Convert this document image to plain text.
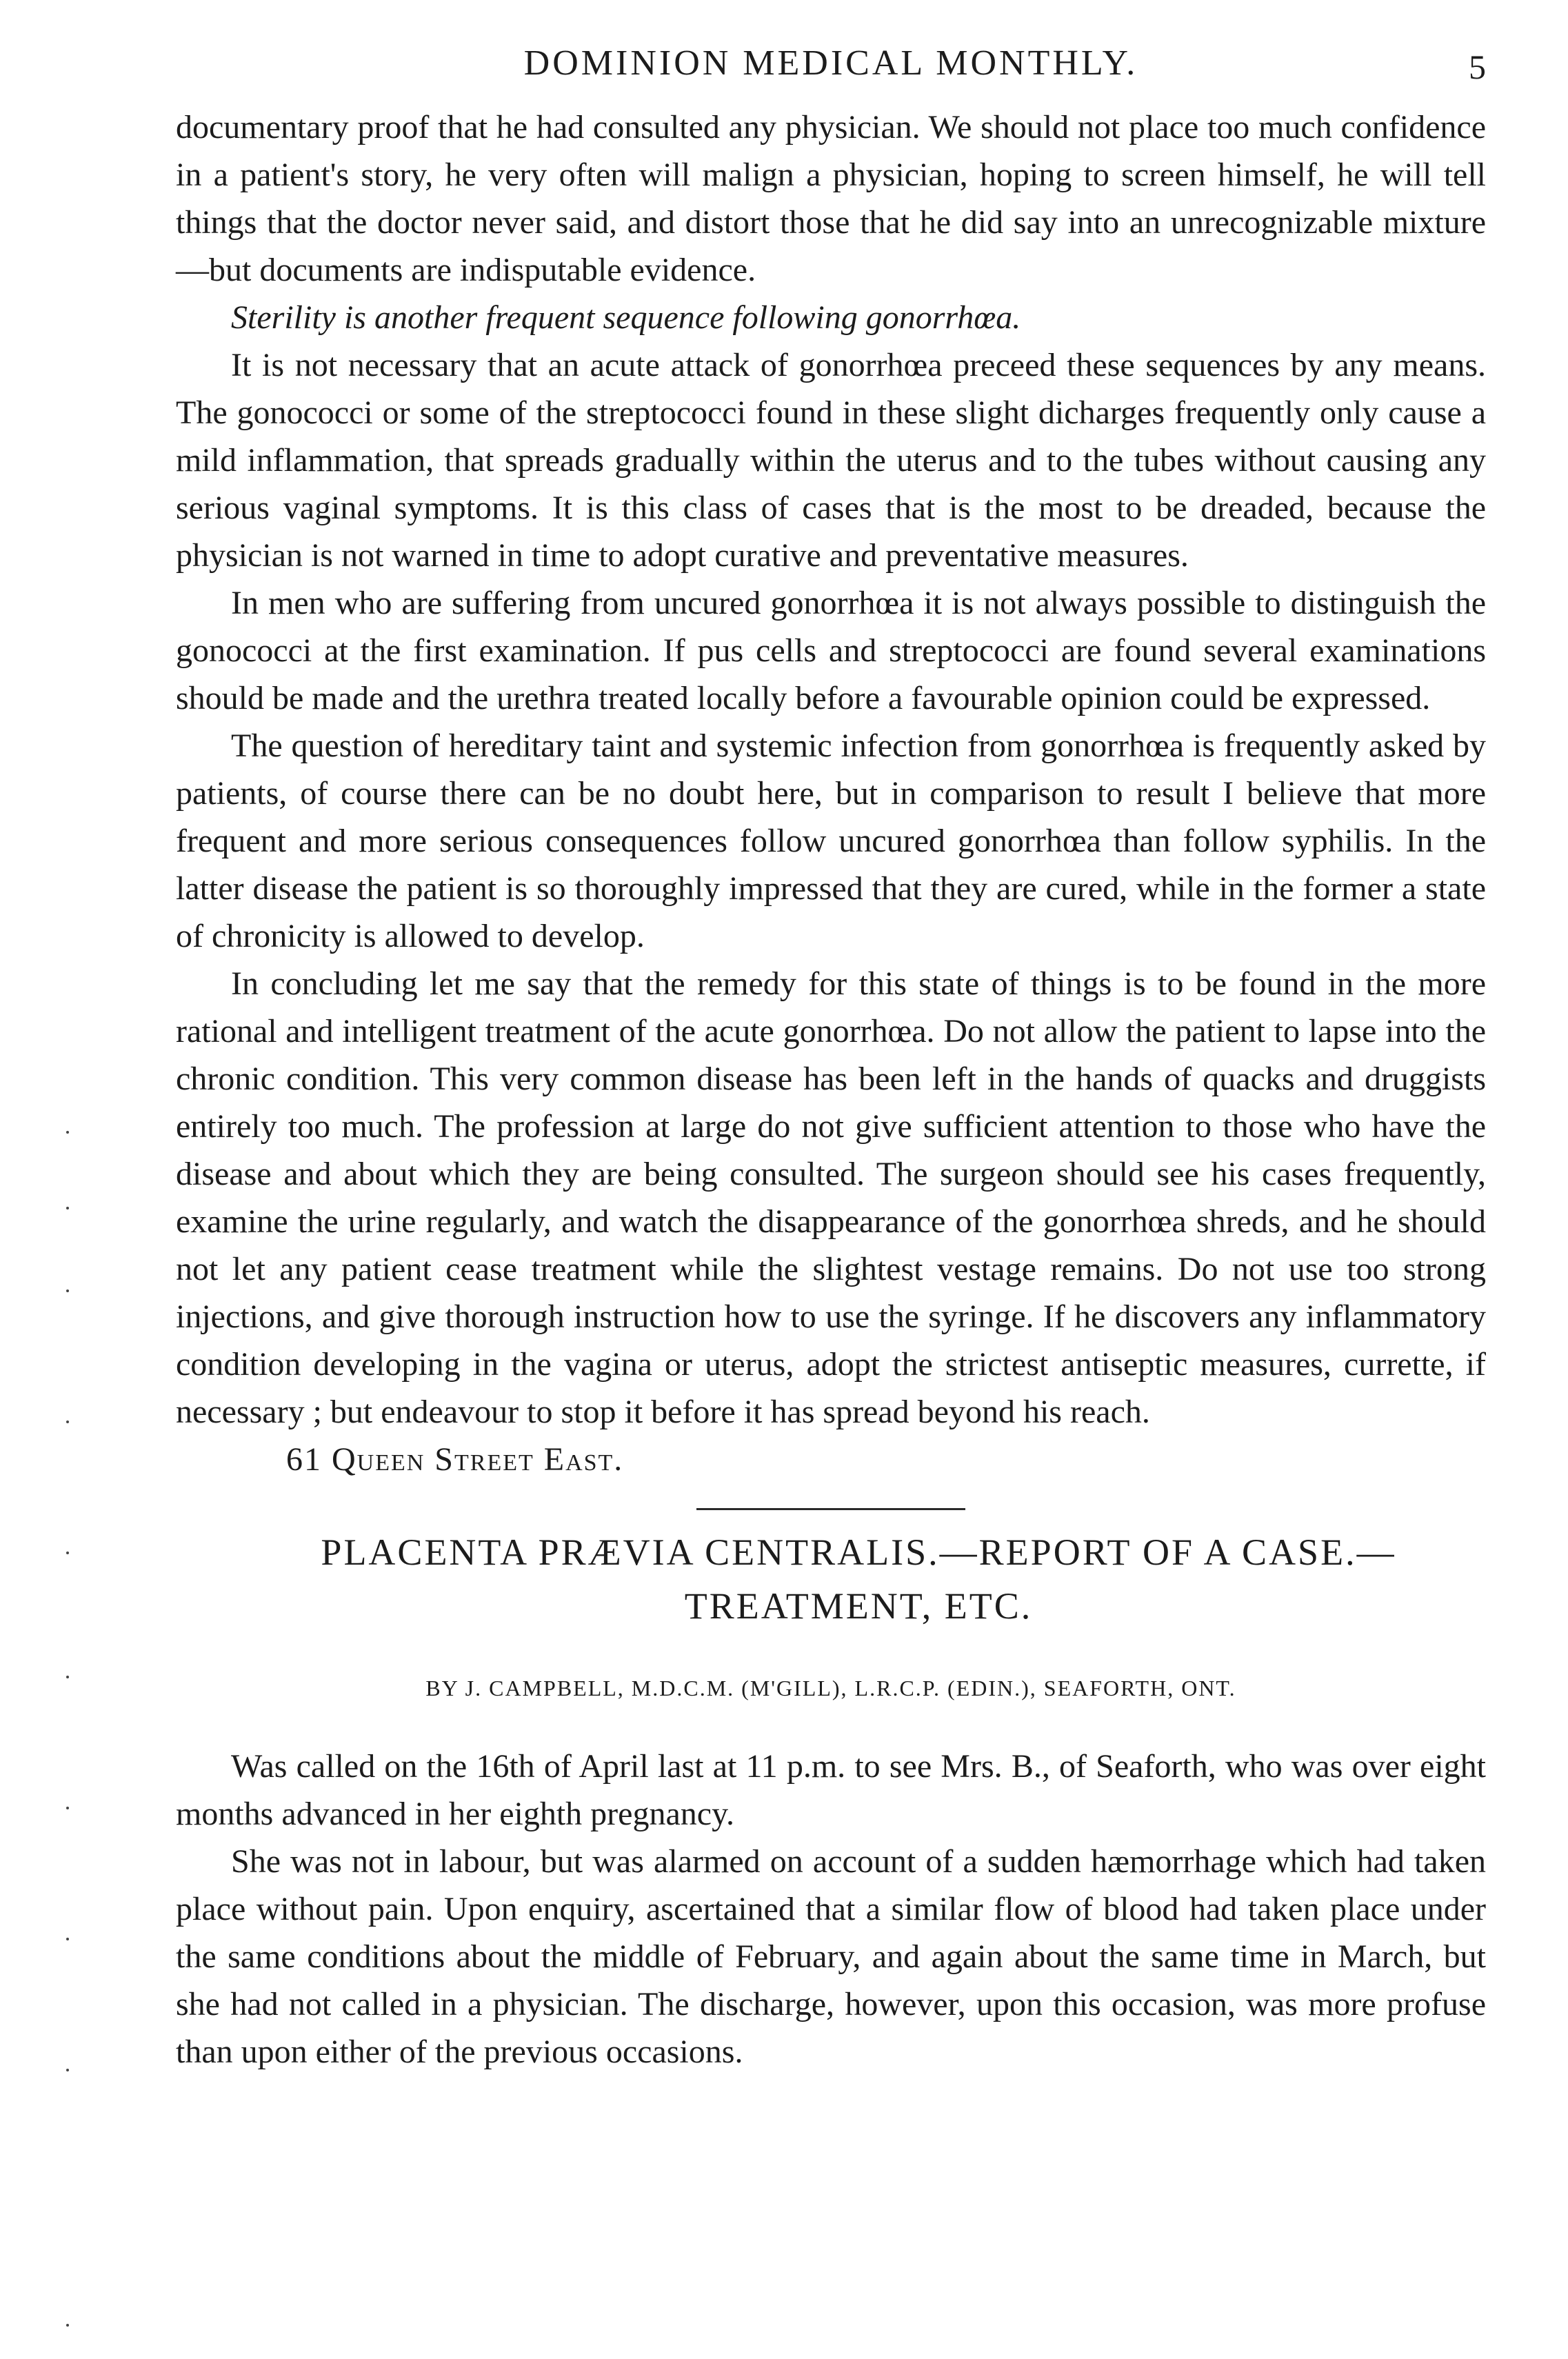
DOMINION MEDICAL MONTHLY.	5

documentary proof that he had consulted any physician. We should not place too much confidence in a patient's story, he very often will malign a physician, hoping to screen himself, he will tell things that the doctor never said, and distort those that he did say into an unrecognizable mixture—but documents are indisputable evidence.

Sterility is another frequent sequence following gonorrhœa.

It is not necessary that an acute attack of gonorrhœa preceed these sequences by any means. The gonococci or some of the streptococci found in these slight dicharges frequently only cause a mild inflammation, that spreads gradually within the uterus and to the tubes without causing any serious vaginal symptoms. It is this class of cases that is the most to be dreaded, because the physician is not warned in time to adopt curative and preventative measures.

In men who are suffering from uncured gonorrhœa it is not always possible to distinguish the gonococci at the first examination. If pus cells and streptococci are found several examinations should be made and the urethra treated locally before a favourable opinion could be expressed.

The question of hereditary taint and systemic infection from gonorrhœa is frequently asked by patients, of course there can be no doubt here, but in comparison to result I believe that more frequent and more serious consequences follow uncured gonorrhœa than follow syphilis. In the latter disease the patient is so thoroughly impressed that they are cured, while in the former a state of chronicity is allowed to develop.

In concluding let me say that the remedy for this state of things is to be found in the more rational and intelligent treatment of the acute gonorrhœa. Do not allow the patient to lapse into the chronic condition. This very common disease has been left in the hands of quacks and druggists entirely too much. The profession at large do not give sufficient attention to those who have the disease and about which they are being consulted. The surgeon should see his cases frequently, examine the urine regularly, and watch the disappearance of the gonorrhœa shreds, and he should not let any patient cease treatment while the slightest vestage remains. Do not use too strong injections, and give thorough instruction how to use the syringe. If he discovers any inflammatory condition developing in the vagina or uterus, adopt the strictest antiseptic measures, currette, if necessary ; but endeavour to stop it before it has spread beyond his reach.

61 Queen Street East.

PLACENTA PRÆVIA CENTRALIS.—REPORT OF A CASE.—

TREATMENT, ETC.

BY J. CAMPBELL, M.D.C.M. (M'GILL), L.R.C.P. (EDIN.), SEAFORTH, ONT.

Was called on the 16th of April last at 11 p.m. to see Mrs. B., of Seaforth, who was over eight months advanced in her eighth pregnancy.

She was not in labour, but was alarmed on account of a sudden hæmorrhage which had taken place without pain. Upon enquiry, ascertained that a similar flow of blood had taken place under the same conditions about the middle of February, and again about the same time in March, but she had not called in a physician. The discharge, however, upon this occasion, was more profuse than upon either of the previous occasions.
